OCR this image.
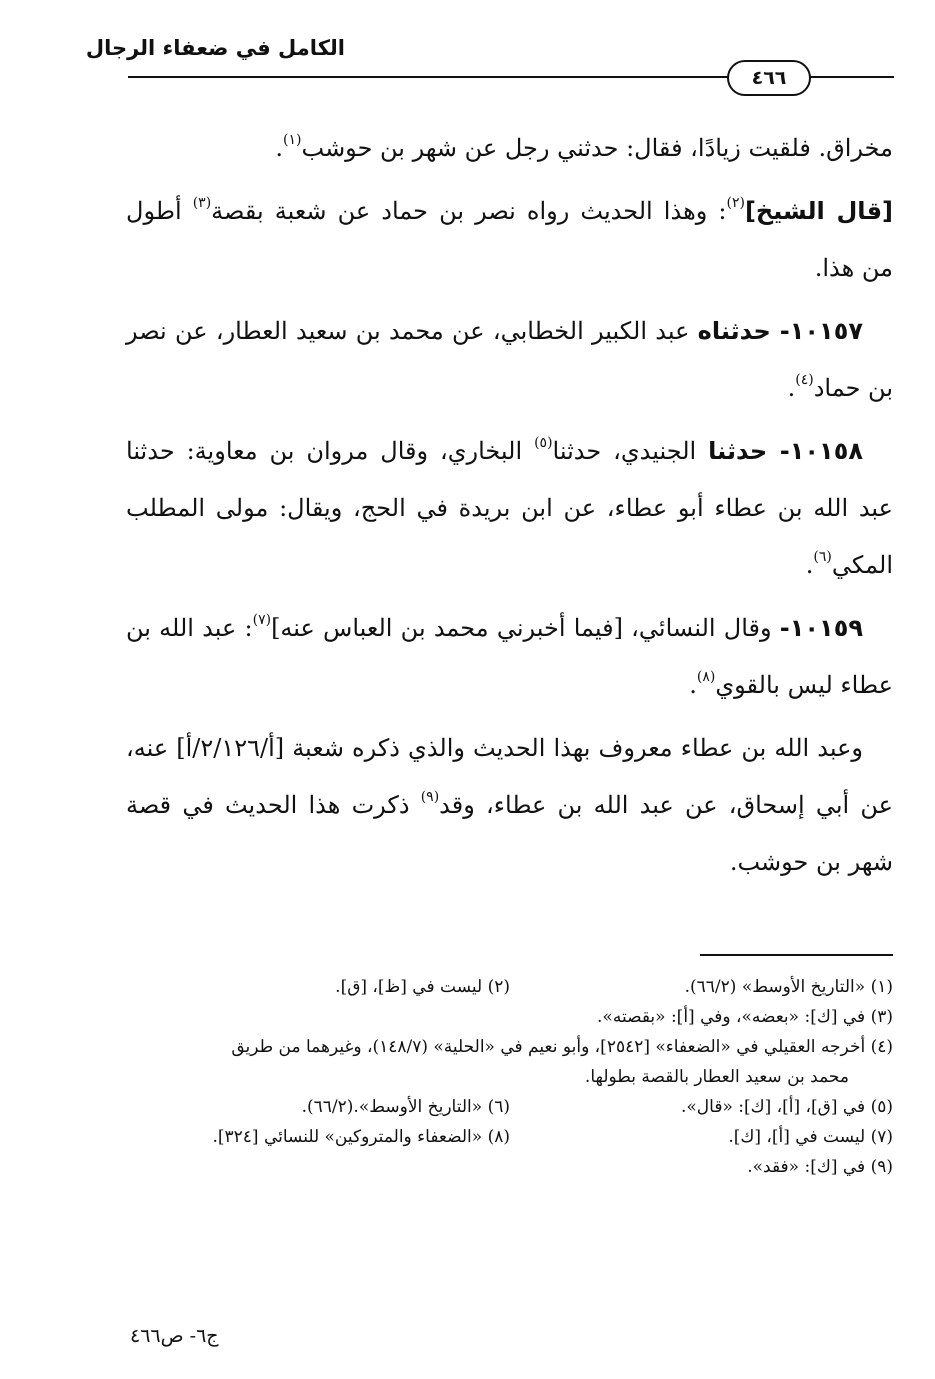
الكامل في ضعفاء الرجال
٤٦٦

مخراق. فلقيت زيادًا، فقال: حدثني رجل عن شهر بن حوشب$^{(١)}$.

[قال الشيخ]$^{(٢)}$: وهذا الحديث رواه نصر بن حماد عن شعبة بقصة$^{(٣)}$ أطول من هذا.

١٠١٥٧- حدثناه عبد الكبير الخطابي، عن محمد بن سعيد العطار، عن نصر بن حماد$^{(٤)}$.

١٠١٥٨- حدثنا الجنيدي، حدثنا$^{(٥)}$ البخاري، وقال مروان بن معاوية: حدثنا عبد الله بن عطاء أبو عطاء، عن ابن بريدة في الحج، ويقال: مولى المطلب المكي$^{(٦)}$.

١٠١٥٩- وقال النسائي، [فيما أخبرني محمد بن العباس عنه]$^{(٧)}$: عبد الله بن عطاء ليس بالقوي$^{(٨)}$.

وعبد الله بن عطاء معروف بهذا الحديث والذي ذكره شعبة [أ/٢/١٢٦/أ] عنه، عن أبي إسحاق، عن عبد الله بن عطاء، وقد$^{(٩)}$ ذكرت هذا الحديث في قصة شهر بن حوشب.

(١) «التاريخ الأوسط» (٦٦/٢).
(٢) ليست في [ظ]، [ق].
(٣) في [ك]: «بعضه»، وفي [أ]: «بقصته».
(٤) أخرجه العقيلي في «الضعفاء» [٢٥٤٢]، وأبو نعيم في «الحلية» (١٤٨/٧)، وغيرهما من طريق
محمد بن سعيد العطار بالقصة بطولها.
(٥) في [ق]، [أ]، [ك]: «قال».
(٦) «التاريخ الأوسط».(٦٦/٢).
(٧) ليست في [أ]، [ك].
(٨) «الضعفاء والمتروكين» للنسائي [٣٢٤].
(٩) في [ك]: «فقد».
ج٦- ص٤٦٦
